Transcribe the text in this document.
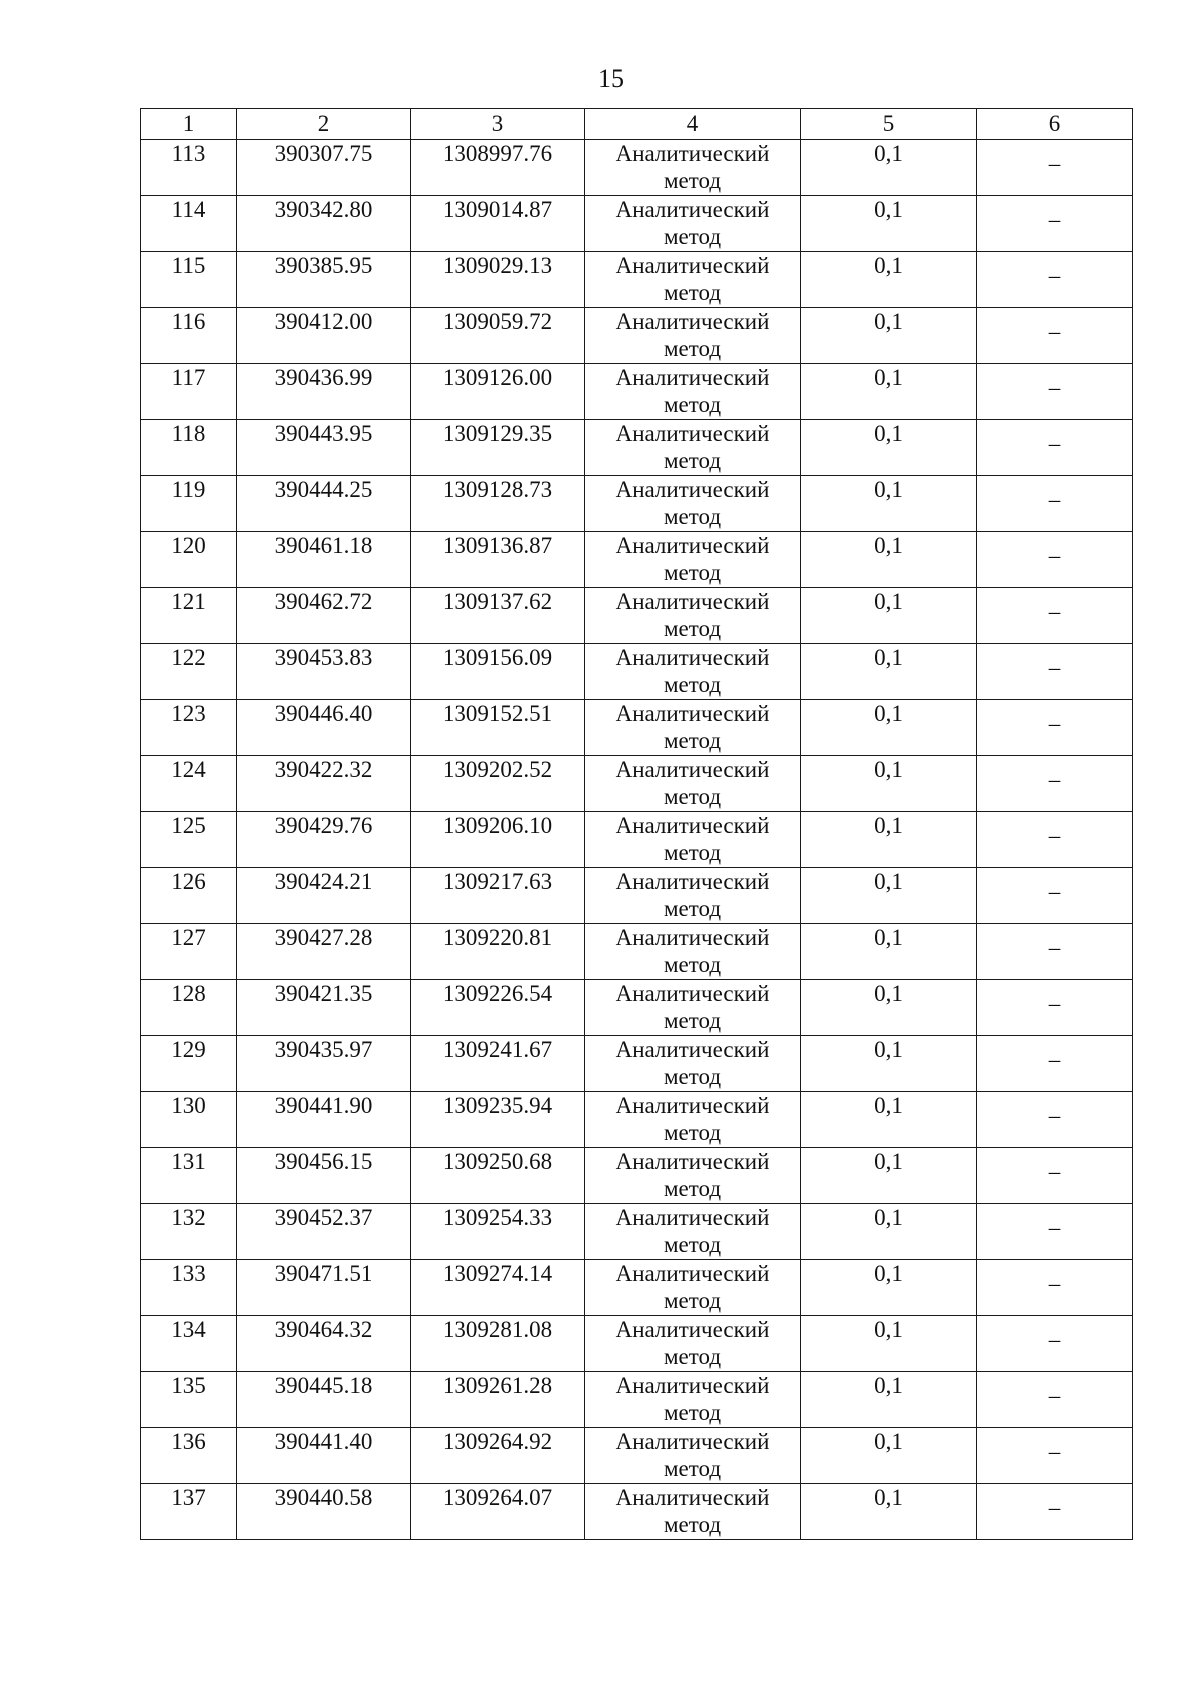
15
1	2	3	4	5	6
113	390307.75	1308997.76	Аналитический метод	0,1	–

114	390342.80	1309014.87	Аналитический метод	0,1	–

115	390385.95	1309029.13	Аналитический метод	0,1	–

116	390412.00	1309059.72	Аналитический метод	0,1	–

117	390436.99	1309126.00	Аналитический метод	0,1	–

118	390443.95	1309129.35	Аналитический метод	0,1	–

119	390444.25	1309128.73	Аналитический метод	0,1	–

120	390461.18	1309136.87	Аналитический метод	0,1	–

121	390462.72	1309137.62	Аналитический метод	0,1	–

122	390453.83	1309156.09	Аналитический метод	0,1	–

123	390446.40	1309152.51	Аналитический метод	0,1	–

124	390422.32	1309202.52	Аналитический метод	0,1	–

125	390429.76	1309206.10	Аналитический метод	0,1	–

126	390424.21	1309217.63	Аналитический метод	0,1	–

127	390427.28	1309220.81	Аналитический метод	0,1	–

128	390421.35	1309226.54	Аналитический метод	0,1	–

129	390435.97	1309241.67	Аналитический метод	0,1	–

130	390441.90	1309235.94	Аналитический метод	0,1	–

131	390456.15	1309250.68	Аналитический метод	0,1	–

132	390452.37	1309254.33	Аналитический метод	0,1	–

133	390471.51	1309274.14	Аналитический метод	0,1	–

134	390464.32	1309281.08	Аналитический метод	0,1	–

135	390445.18	1309261.28	Аналитический метод	0,1	–

136	390441.40	1309264.92	Аналитический метод	0,1	–

137	390440.58	1309264.07	Аналитический метод	0,1	–
